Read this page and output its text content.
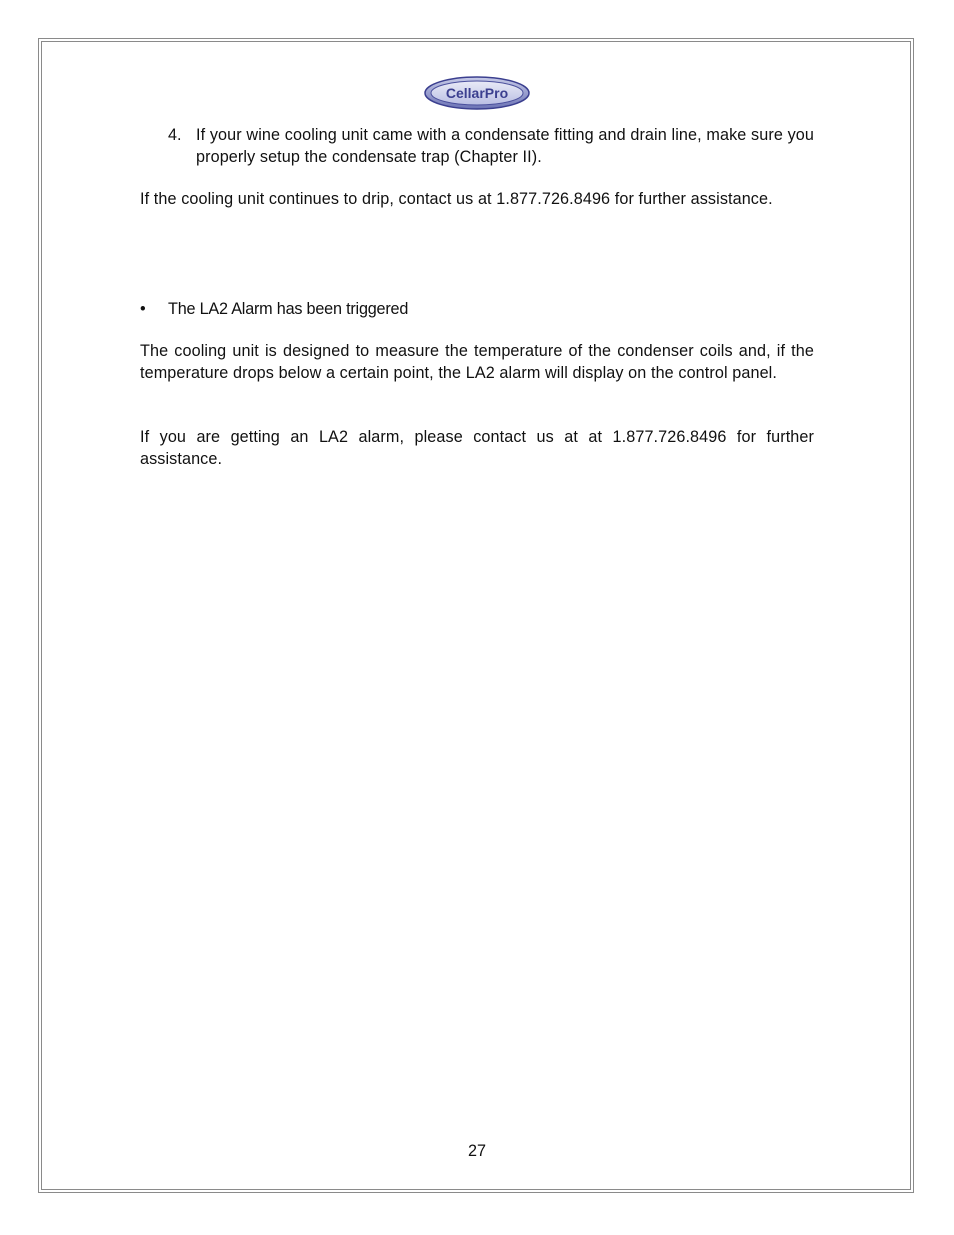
CellarPro
4. If your wine cooling unit came with a condensate fitting and drain line, make sure you properly setup the condensate trap (Chapter II).
If the cooling unit continues to drip, contact us at 1.877.726.8496 for further assistance.
• The LA2 Alarm has been triggered
The cooling unit is designed to measure the temperature of the condenser coils and, if the temperature drops below a certain point, the LA2 alarm will display on the control panel.
If you are getting an LA2 alarm, please contact us at at 1.877.726.8496 for further assistance.
27
